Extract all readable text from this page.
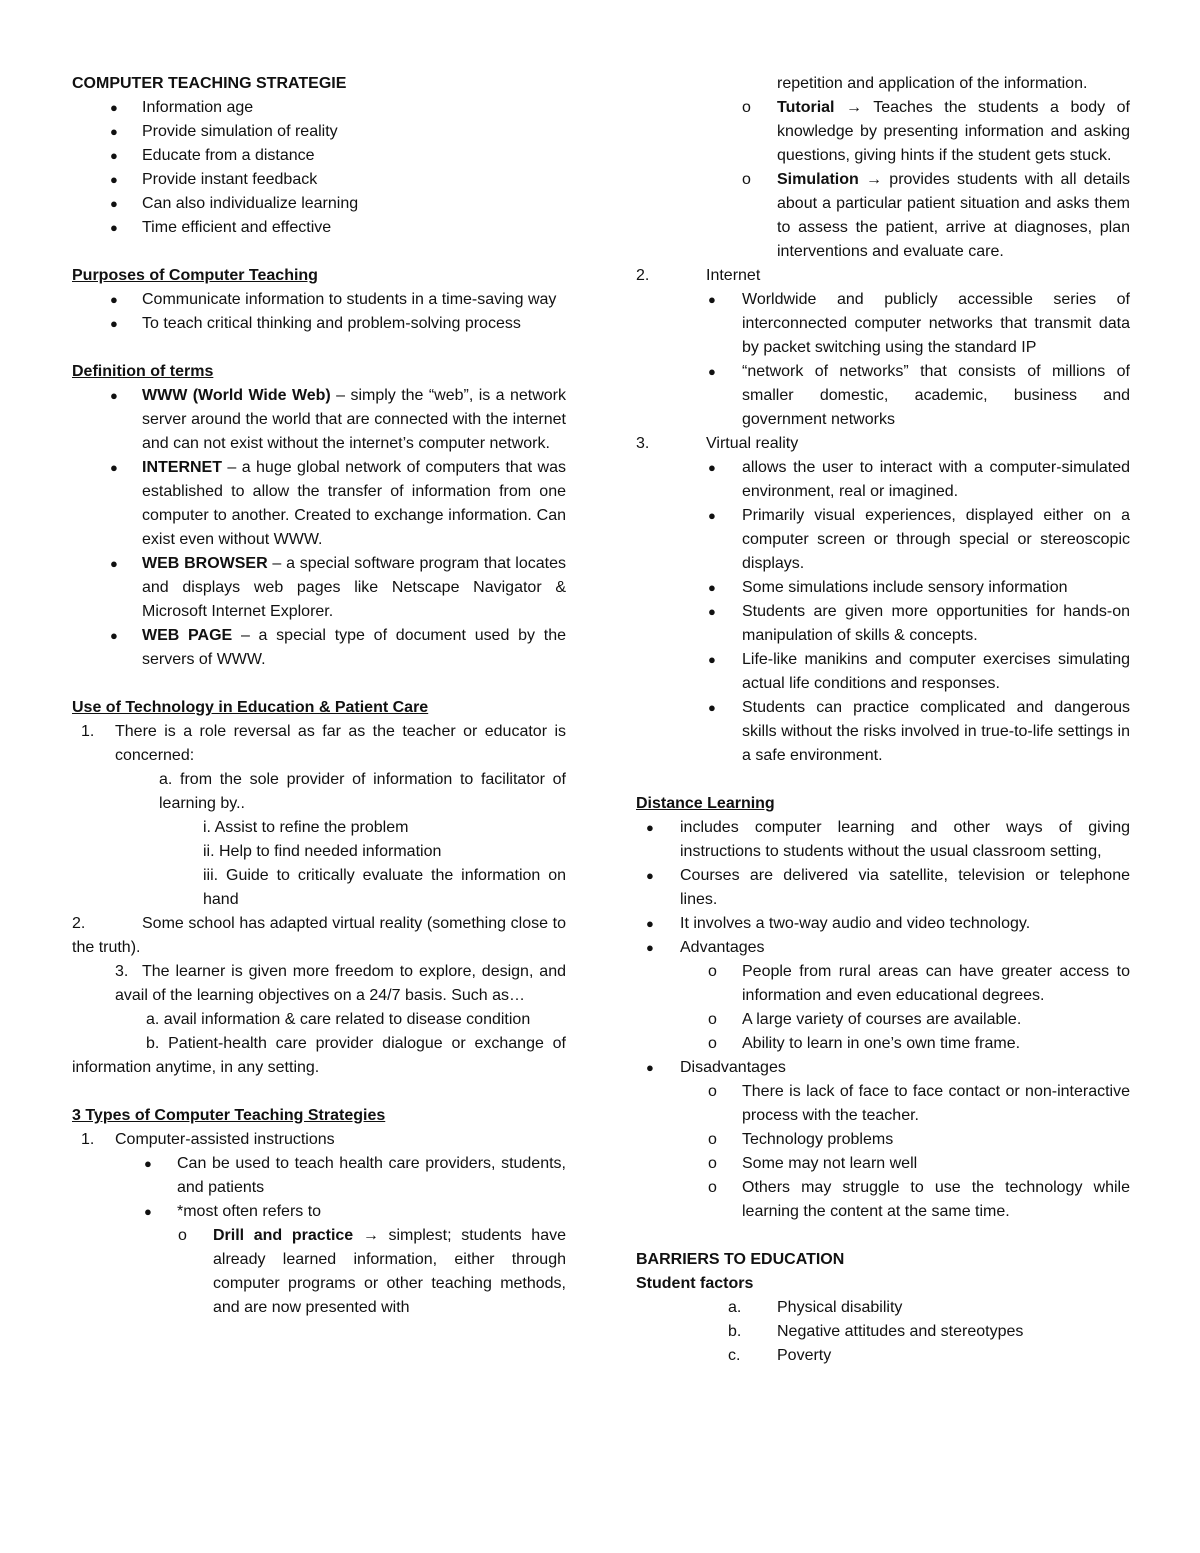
COMPUTER TEACHING STRATEGIE

● Information age

● Provide simulation of reality

● Educate from a distance

● Provide instant feedback

● Can also individualize learning

● Time efficient and effective

Purposes of Computer Teaching

● Communicate information to students in a time-saving way

● To teach critical thinking and problem-solving process

Definition of terms

● WWW (World Wide Web) – simply the “web”, is a network server around the world that are connected with the internet and can not exist without the internet’s computer network.

● INTERNET – a huge global network of computers that was established to allow the transfer of information from one computer to another. Created to exchange information. Can exist even without WWW.

● WEB BROWSER – a special software program that locates and displays web pages like Netscape Navigator & Microsoft Internet Explorer.

● WEB PAGE – a special type of document used by the servers of WWW.

Use of Technology in Education & Patient Care

1. There is a role reversal as far as the teacher or educator is concerned:

a. from the sole provider of information to facilitator of learning by..

i. Assist to refine the problem

ii. Help to find needed information

iii. Guide to critically evaluate the information on hand

2.	Some school has adapted virtual reality (something close to the truth).

3. The learner is given more freedom to explore, design, and avail of the learning objectives on a 24/7 basis. Such as…

a. avail information & care related to disease condition

b. Patient-health care provider dialogue or exchange of information anytime, in any setting.

3 Types of Computer Teaching Strategies

1. Computer-assisted instructions

● Can be used to teach health care providers, students, and patients

● *most often refers to

o Drill and practice → simplest; students have already learned information, either through computer programs or other teaching methods, and are now presented with

repetition and application of the information.

o Tutorial → Teaches the students a body of knowledge by presenting information and asking questions, giving hints if the student gets stuck.

o Simulation → provides students with all details about a particular patient situation and asks them to assess the patient, arrive at diagnoses, plan interventions and evaluate care.

2.	Internet

● Worldwide and publicly accessible series of interconnected computer networks that transmit data by packet switching using the standard IP

● “network of networks” that consists of millions of smaller domestic, academic, business and government networks

3.	Virtual reality

● allows the user to interact with a computer-simulated environment, real or imagined.

● Primarily visual experiences, displayed either on a computer screen or through special or stereoscopic displays.

● Some simulations include sensory information

● Students are given more opportunities for hands-on manipulation of skills & concepts.

● Life-like manikins and computer exercises simulating actual life conditions and responses.

● Students can practice complicated and dangerous skills without the risks involved in true-to-life settings in a safe environment.

Distance Learning

● includes computer learning and other ways of giving instructions to students without the usual classroom setting,

● Courses are delivered via satellite, television or telephone lines.

● It involves a two-way audio and video technology.

● Advantages

o People from rural areas can have greater access to information and even educational degrees.

o A large variety of courses are available.

o Ability to learn in one’s own time frame.

● Disadvantages

o There is lack of face to face contact or non-interactive process with the teacher.

o Technology problems

o Some may not learn well

o Others may struggle to use the technology while learning the content at the same time.

BARRIERS TO EDUCATION

Student factors

a. Physical disability

b. Negative attitudes and stereotypes

c. Poverty
